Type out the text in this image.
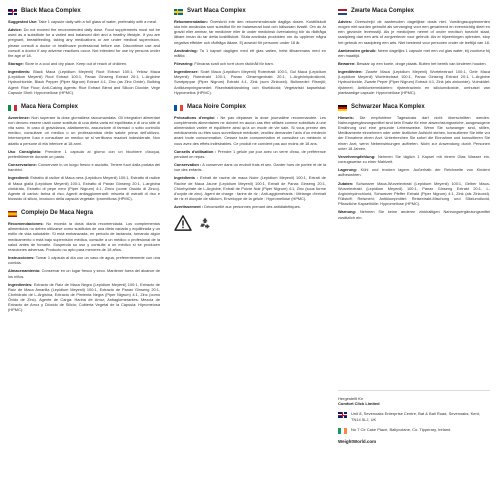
Black Maca Complex

Suggested Use: Take 1 capsule daily with a full glass of water, preferably with a meal.

Advice: Do not exceed the recommended daily dose. Food supplements must not be used as a substitute for a varied and balanced diet and a healthy lifestyle. If you are pregnant, breastfeeding, taking any medications or are under medical supervision, please consult a doctor or healthcare professional before use. Discontinue use and consult a doctor if any adverse reactions occur. Not intended for use by persons under the age of 18.

Storage: Store in a cool and dry place. Keep out of reach of children.

Ingredients: Black Maca (Lepidium Meyenii) Root Extract 100:1, Yellow Maca (Lepidium Meyenii) Root Extract 100:1, Panax Ginseng Extract 20:1, L-Arginine Hydrochloride, Black Pepper (Piper Nigrum) Extract 4:1, Zinc (as Zinc Oxide). Bulking Agent: Rice Flour; Anti-Caking Agents: Rice Extract Blend and Silicon Dioxide; Vege Capsule Shell: Hypromellose (HPMC).

Maca Nera Complex

Avvertenze: Non superare la dose giornaliera raccomandata. Gli integratori alimentari non devono essere usati come sostituto di una dieta varia ed equilibrata e di uno stile di vita sano. In caso di gravidanza, allattamento, assunzione di farmaci o sotto controllo medico, consultare un medico o un professionista della salute prima dell'utilizzo. Interrompere l'uso e consultare un medico se si verificano reazioni indesiderate. Non adatto a persone di età inferiore ai 18 anni.

Uso Consigliato: Prendere 1 capsula al giorno con un bicchiere d'acqua, preferibilmente durante un pasto.

Conservazione: Conservare in un luogo fresco e asciutto. Tenere fuori dalla portata dei bambini.

Ingredienti: Estratto di radice di Maca nera (Lepidium Meyenii) 100:1, Estratto di radice di Maca gialla (Lepidium Meyenii) 100:1, Estratto di Panax Ginseng 20:1, L-arginina cloridrato, Estratto di pepe nero (Piper Nigrum) 4:1, Zinco (come Ossido di Zinco). Agente di carica: farina di riso; Agenti antiagglomeranti: miscela di estratti di riso e biossido di silicio, involucro della capsula vegetale: Ipromellosa (HPMC).

Complejo De Maca Negra

Recomendaciones: No exceda la dosis diaria recomendada. Los complementos alimenticios no deben utilizarse como sustitutos de una dieta variada y equilibrada y un estilo de vida saludable. Si está embarazada, en periodo de lactancia, tomando algún medicamento o está bajo supervisión médica, consulte a un médico o profesional de la salud antes de tomarlo. Suspenda su uso y consulte a un médico si se producen reacciones adversas. Producto no apto para menores de 18 años.

Instrucciones: Tomar 1 cápsula al día con un vaso de agua, preferentemente con una comida.

Almacenamiento: Conservar en un lugar fresco y seco. Mantener fuera del alcance de los niños.

Ingredientes: Extracto de Raíz de Maca Negra (Lepidium Meyenii) 100:1, Extracto de Raíz de Maca Amarilla (Lepidium Meyenii) 100:1, Extracto de Panax Ginseng 20:1, Clorhidrato de L-Arginina, Extracto de Pimienta Negra (Piper Nigrum) 4:1, Zinc (como Óxido de Zinc). Agente de Carga: Harina de Arroz; Antiaglomerantes: Mezcla de Extracto de Arroz y Dióxido de Silicio; Cubierta Vegetal de la Cápsula: Hipromelosa (HPMC).

Svart Maca Complex

Rekommendation: Överskrid inte den rekommenderade dagliga dosen. Kosttillskott ska inte användas som substitut för en balanserad kost och hälsosam livsstil. Om du är gravid eller ammar, tar mediciner eller är under medicinsk övervakning bör du rådfråga läkare innan du tar detta kosttillskott. Sluta använda produkten om du upplever några negativa effekter och rådfråga läkare. Ej avsedd för personer under 18 år.

Användning: Ta 1 kapsel dagligen med ett glas vatten, helst tillsammans med en måltid.

Förvaring: Förvaras svalt och torrt utom räckhåll för barn.

Ingredienser: Svart Maca (Lepidium Meyenii) Rotextrakt 100:1, Gul Maca (Lepidium Meyenii) Rotextrakt 100:1, Panax Ginsengextrakt 20:1, L-Argininhydroklorid, Svartpeppar (Piper Nigrum) Extrakt 4:1, Zink (som Zinkoxid). Bulkmedel: Rismjöl; Antiklumpningsmedel: Risextraktblandning och Kiseldioxid; Vegetariskt kapselskal: Hypromellos (HPMC).

Maca Noire Complex

Précautions d'emploi : Ne pas dépasser la dose journalière recommandée. Les compléments alimentaires ne doivent en aucun cas être utilisés comme substituts à une alimentation variée et équilibrée ainsi qu'à un mode de vie sain. Si vous prenez des médicaments ou êtes sous surveillance médicale, veuillez demander l'avis d'un médecin avant toute consommation. Cessez toute consommation et consultez un médecin si vous avez des effets indésirables. Ce produit ne convient pas aux moins de 18 ans.

Conseils d'utilisation : Prendre 1 gélule par jour avec un verre d'eau, de préférence pendant un repas.

Conservation : A conserver dans un endroit frais et sec. Garder hors de portée et de la vue des enfants.

Ingrédients : Extrait de racine de maca Noire (Lepidium Meyenii) 100:1, Extrait de Racine de Maca Jaune (Lepidium Meyenii) 100:1, Extrait de Panax Ginseng 20:1, Chlorhydrate de L-Arginine, Extrait de Poivre Noir (Piper Nigrum) 4:1, Zinc (sous forme d'oxyde de zinc). Agent de charge : farine de riz ; Anti-agglomérants : Mélange d'extrait de riz et dioxyde de silicium, Enveloppe de la gélule : Hypromellose (HPMC).

Avertissement : Déconseillé aux personnes prenant des antidiabétiques.

Zwarte Maca Complex

Advies: Overschrijd de aanbevolen dagelijkse dosis niet. Voedingssupplementen mogen niet worden gebruikt als vervanging voor een gevarieerd en evenwichtig dieet en een gezonde levensstijl. Als je medicijnen neemt of onder medisch toezicht staat, raadpleeg dan een arts of zorgverlener voor gebruik. Als er bijwerkingen optreden, stop het gebruik en raadpleeg een arts. Niet bestemd voor personen onder de leeftijd van 18.

Aanbevolen gebruik: Neem dagelijks 1 capsule met een vol glas water, bij voorkeur bij een maaltijd.

Bewaren: Bewaar op een koele, droge plaats. Buiten het bereik van kinderen houden.

Ingrediënten: Zwarte Maca (Lepidium Meyenii) Wortelextract 100:1, Gele Maca (Lepidium Meyenii) Wortelextract 100:1, Panax Ginseng Extract 20:1, L-Arginine Hydrochloride, Zwarte Peper (Piper Nigrum) Extract 4:1, Zink (als zinkoxide). Vulmiddel: rijstmeel; Antiklontermiddelen: rijstextractmix en siliciumdioxide, omhulsel van plantaardige capsule: Hypromellose (HPMC).

Schwarzer Maca Komplex

Hinweis: Die empfohlene Tagesdosis darf nicht überschritten werden. Nahrungsergänzungsmittel sind kein Ersatz für eine abwechslungsreiche, ausgewogene Ernährung und eine gesunde Lebensweise. Wenn Sie schwanger sind, stillen, Medikamente einnehmen oder unter ärztlicher Aufsicht stehen, konsultieren Sie bitte vor der Einnahme einen Arzt. Unterbrechen Sie sofort die Einnahme und konsultieren Sie einen Arzt, wenn Nebenwirkungen auftreten. Nicht zur Anwendung durch Personen unter 18 Jahren.

Verzehrempfehlung: Nehmen Sie täglich 1 Kapsel mit einem Glas Wasser ein, vorzugsweise zu einer Mahlzeit.

Lagerung: Kühl und trocken lagern. Außerhalb der Reichweite von Kindern aufbewahren.

Zutaten: Schwarzer Maca-Wurzelextrakt (Lepidium Meyenii) 100:1, Gelber Maca-Wurzelextrakt (Lepidium Meyenii) 100:1, Panax Ginseng Extrakt 20:1, L-Argininhydrochlorid, Schwarzer Pfeffer Extrakt (Piper Nigrum) 4:1, Zink (als Zinkoxid). Füllstoff: Reismehl; Antiklumpmittel: Reisextrakt-Mischung und Siliziumdioxid, Pflanzliche Kapselhülle: Hypromellose (HPMC).

Warnung: Nehmen Sie keine anderen zinkhaltigen Nahrungsergänzungsmittel zusätzlich ein.

Hergestellt für
Comfort Click Limited
Unit 8, Sevenoaks Enterprise Centre, Bat & Ball Road, Sevenoaks, Kent, TN14 5LJ, UK
No 7 Cir Cake Place, Ballyvolane, Co. Tipperary, Ireland
WeightWorld.com
